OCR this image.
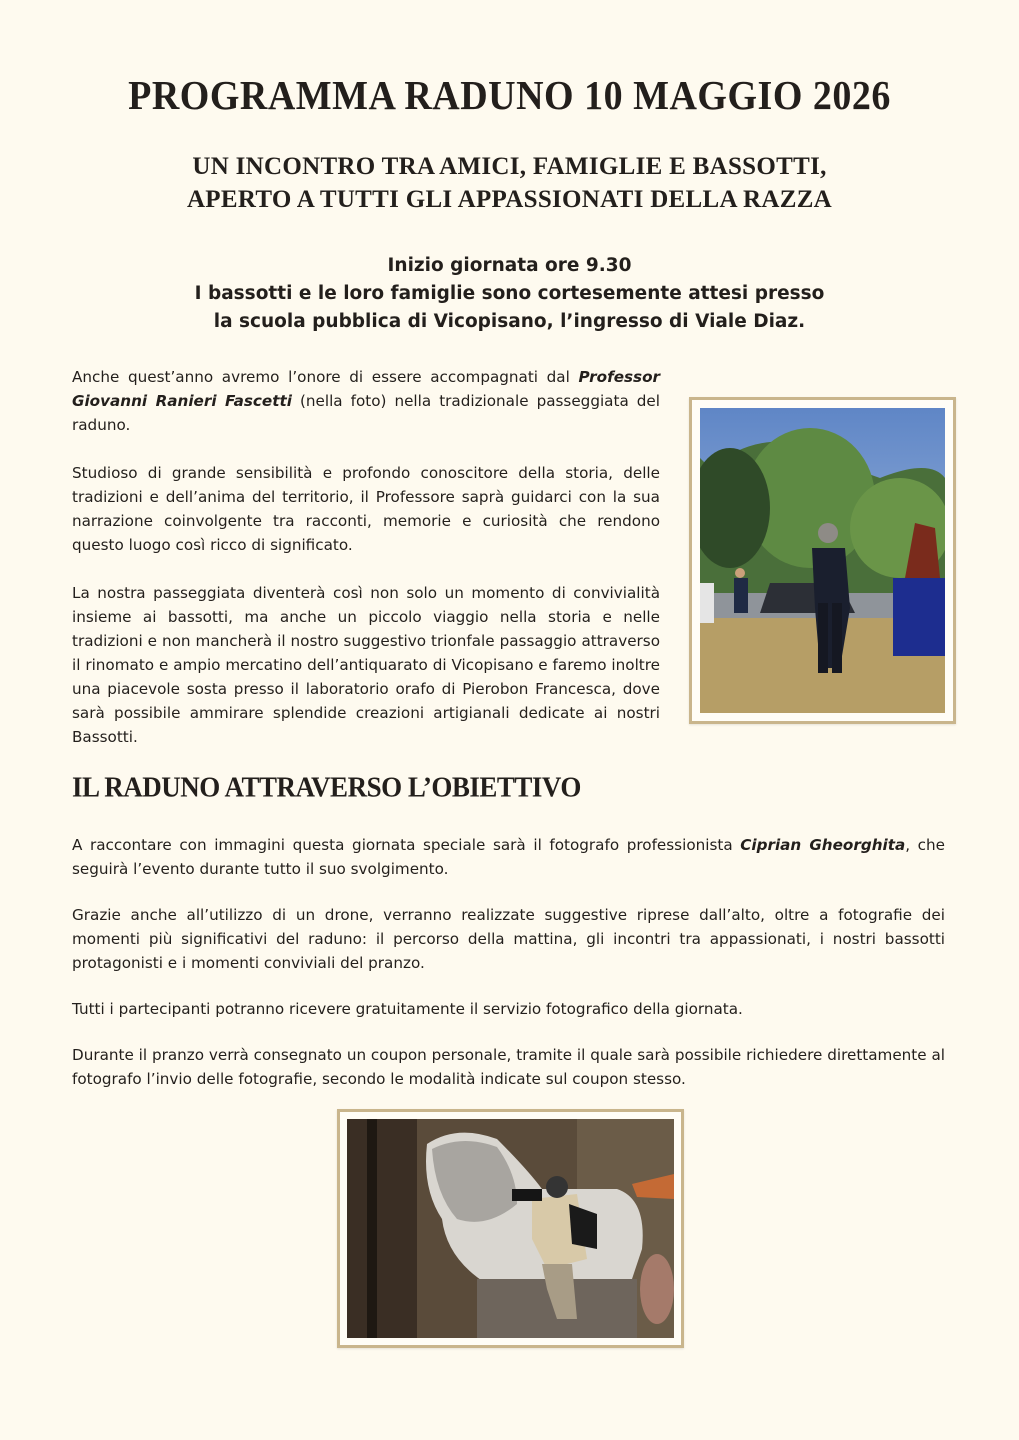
PROGRAMMA RADUNO 10 MAGGIO 2026
UN INCONTRO TRA AMICI, FAMIGLIE E BASSOTTI,
APERTO A TUTTI GLI APPASSIONATI DELLA RAZZA
Inizio giornata ore 9.30
I bassotti e le loro famiglie sono cortesemente attesi presso
la scuola pubblica di Vicopisano, l’ingresso di Viale Diaz.

Anche quest’anno avremo l’onore di essere accompagnati dal Professor Giovanni Ranieri Fascetti (nella foto) nella tradizionale passeggiata del raduno.

Studioso di grande sensibilità e profondo conoscitore della storia, delle tradizioni e dell’anima del territorio, il Professore saprà guidarci con la sua narrazione coinvolgente tra racconti, memorie e curiosità che rendono questo luogo così ricco di significato.

La nostra passeggiata diventerà così non solo un momento di convivialità insieme ai bassotti, ma anche un piccolo viaggio nella storia e nelle tradizioni e non mancherà il nostro suggestivo trionfale passaggio attraverso il rinomato e ampio mercatino dell’antiquarato di Vicopisano e faremo inoltre una piacevole sosta presso il laboratorio orafo di Pierobon Francesca, dove sarà possibile ammirare splendide creazioni artigianali dedicate ai nostri Bassotti.

IL RADUNO ATTRAVERSO L’OBIETTIVO

A raccontare con immagini questa giornata speciale sarà il fotografo professionista Ciprian Gheorghita, che seguirà l’evento durante tutto il suo svolgimento.

Grazie anche all’utilizzo di un drone, verranno realizzate suggestive riprese dall’alto, oltre a fotografie dei momenti più significativi del raduno: il percorso della mattina, gli incontri tra appassionati, i nostri bassotti protagonisti e i momenti conviviali del pranzo.

Tutti i partecipanti potranno ricevere gratuitamente il servizio fotografico della giornata.

Durante il pranzo verrà consegnato un coupon personale, tramite il quale sarà possibile richiedere direttamente al fotografo l’invio delle fotografie, secondo le modalità indicate sul coupon stesso.
